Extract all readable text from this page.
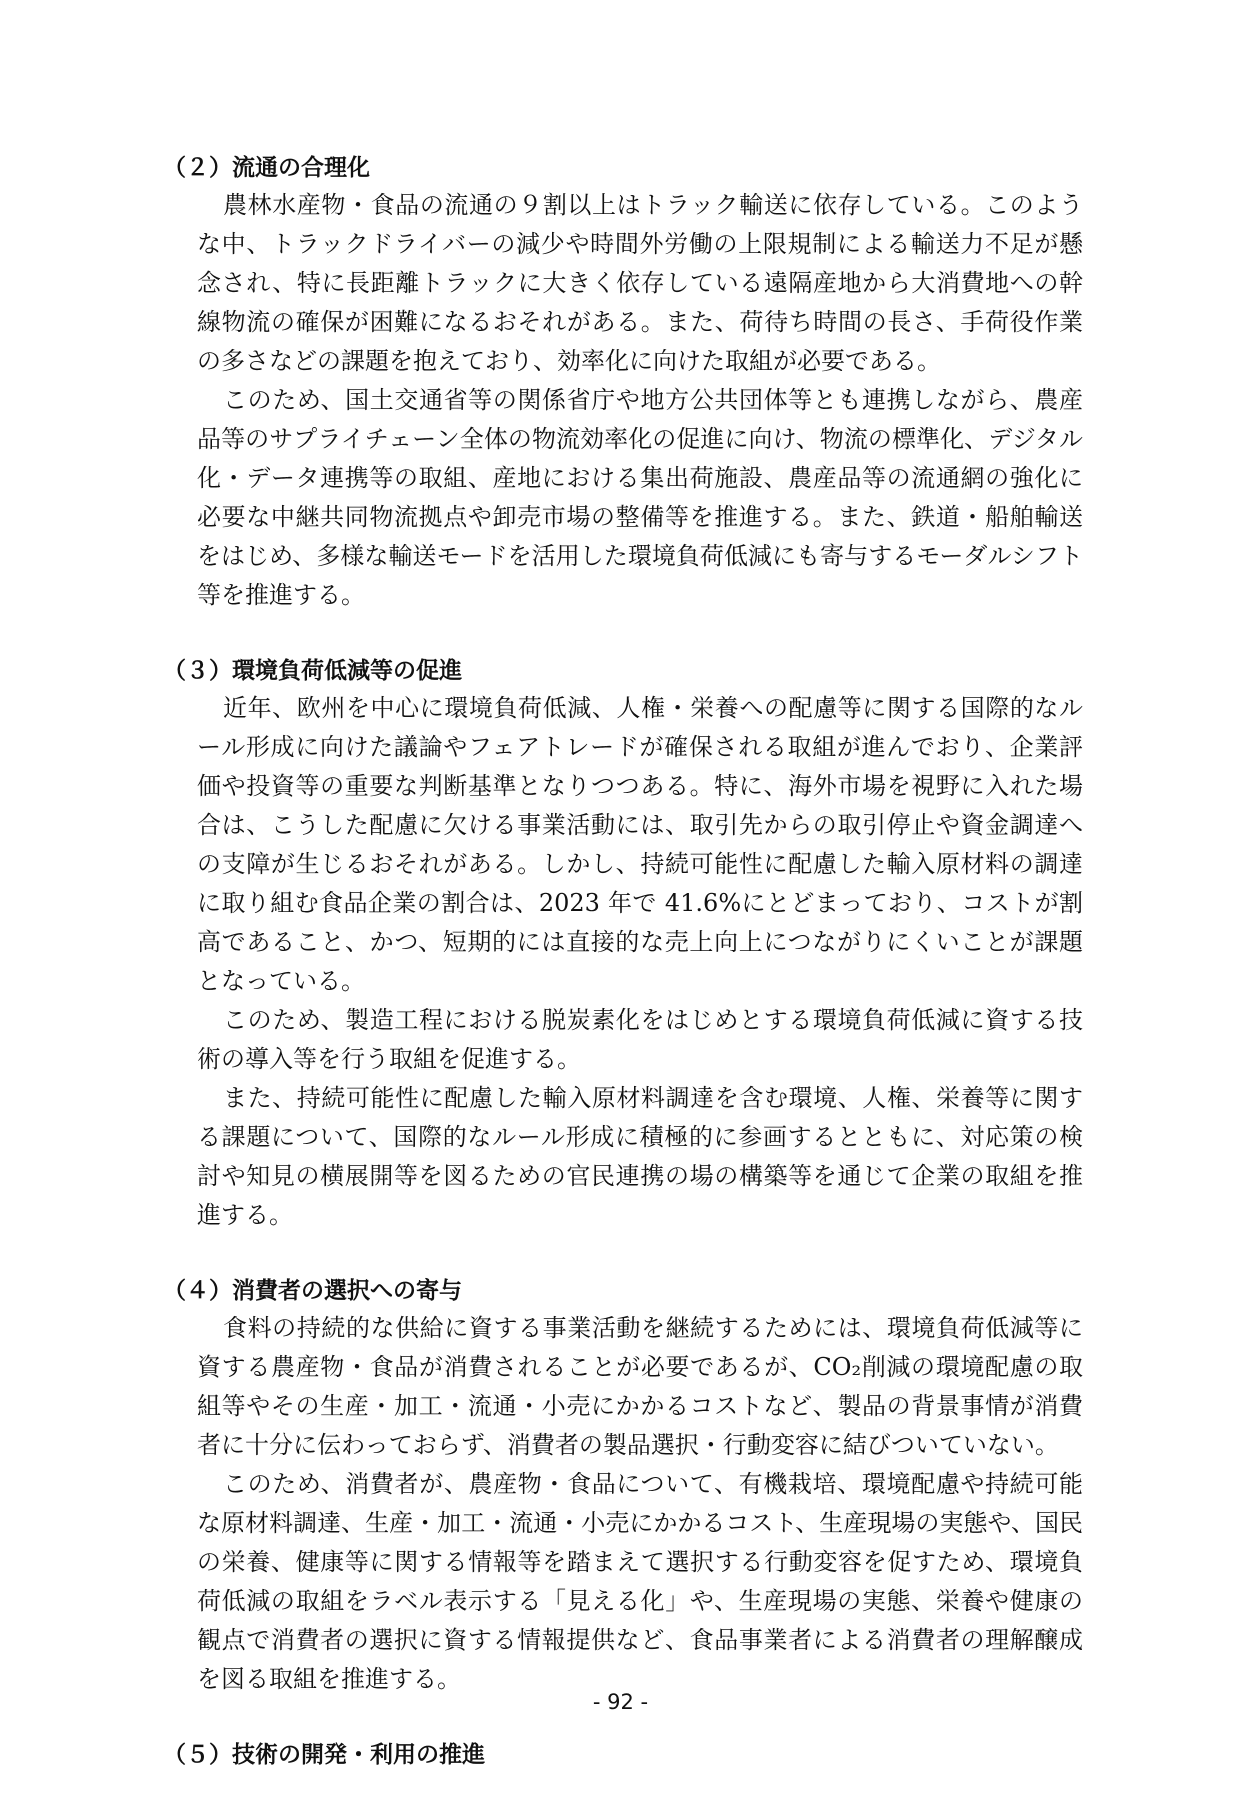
（２）流通の合理化

農林水産物・食品の流通の９割以上はトラック輸送に依存している。このような中、トラックドライバーの減少や時間外労働の上限規制による輸送力不足が懸念され、特に長距離トラックに大きく依存している遠隔産地から大消費地への幹線物流の確保が困難になるおそれがある。また、荷待ち時間の長さ、手荷役作業の多さなどの課題を抱えており、効率化に向けた取組が必要である。

このため、国土交通省等の関係省庁や地方公共団体等とも連携しながら、農産品等のサプライチェーン全体の物流効率化の促進に向け、物流の標準化、デジタル化・データ連携等の取組、産地における集出荷施設、農産品等の流通網の強化に必要な中継共同物流拠点や卸売市場の整備等を推進する。また、鉄道・船舶輸送をはじめ、多様な輸送モードを活用した環境負荷低減にも寄与するモーダルシフト等を推進する。

（３）環境負荷低減等の促進

近年、欧州を中心に環境負荷低減、人権・栄養への配慮等に関する国際的なルール形成に向けた議論やフェアトレードが確保される取組が進んでおり、企業評価や投資等の重要な判断基準となりつつある。特に、海外市場を視野に入れた場合は、こうした配慮に欠ける事業活動には、取引先からの取引停止や資金調達への支障が生じるおそれがある。しかし、持続可能性に配慮した輸入原材料の調達に取り組む食品企業の割合は、2023 年で 41.6%にとどまっており、コストが割高であること、かつ、短期的には直接的な売上向上につながりにくいことが課題となっている。

このため、製造工程における脱炭素化をはじめとする環境負荷低減に資する技術の導入等を行う取組を促進する。

また、持続可能性に配慮した輸入原材料調達を含む環境、人権、栄養等に関する課題について、国際的なルール形成に積極的に参画するとともに、対応策の検討や知見の横展開等を図るための官民連携の場の構築等を通じて企業の取組を推進する。

（４）消費者の選択への寄与

食料の持続的な供給に資する事業活動を継続するためには、環境負荷低減等に資する農産物・食品が消費されることが必要であるが、CO₂削減の環境配慮の取組等やその生産・加工・流通・小売にかかるコストなど、製品の背景事情が消費者に十分に伝わっておらず、消費者の製品選択・行動変容に結びついていない。

このため、消費者が、農産物・食品について、有機栽培、環境配慮や持続可能な原材料調達、生産・加工・流通・小売にかかるコスト、生産現場の実態や、国民の栄養、健康等に関する情報等を踏まえて選択する行動変容を促すため、環境負荷低減の取組をラベル表示する「見える化」や、生産現場の実態、栄養や健康の観点で消費者の選択に資する情報提供など、食品事業者による消費者の理解醸成を図る取組を推進する。

（５）技術の開発・利用の推進
- 92 -
